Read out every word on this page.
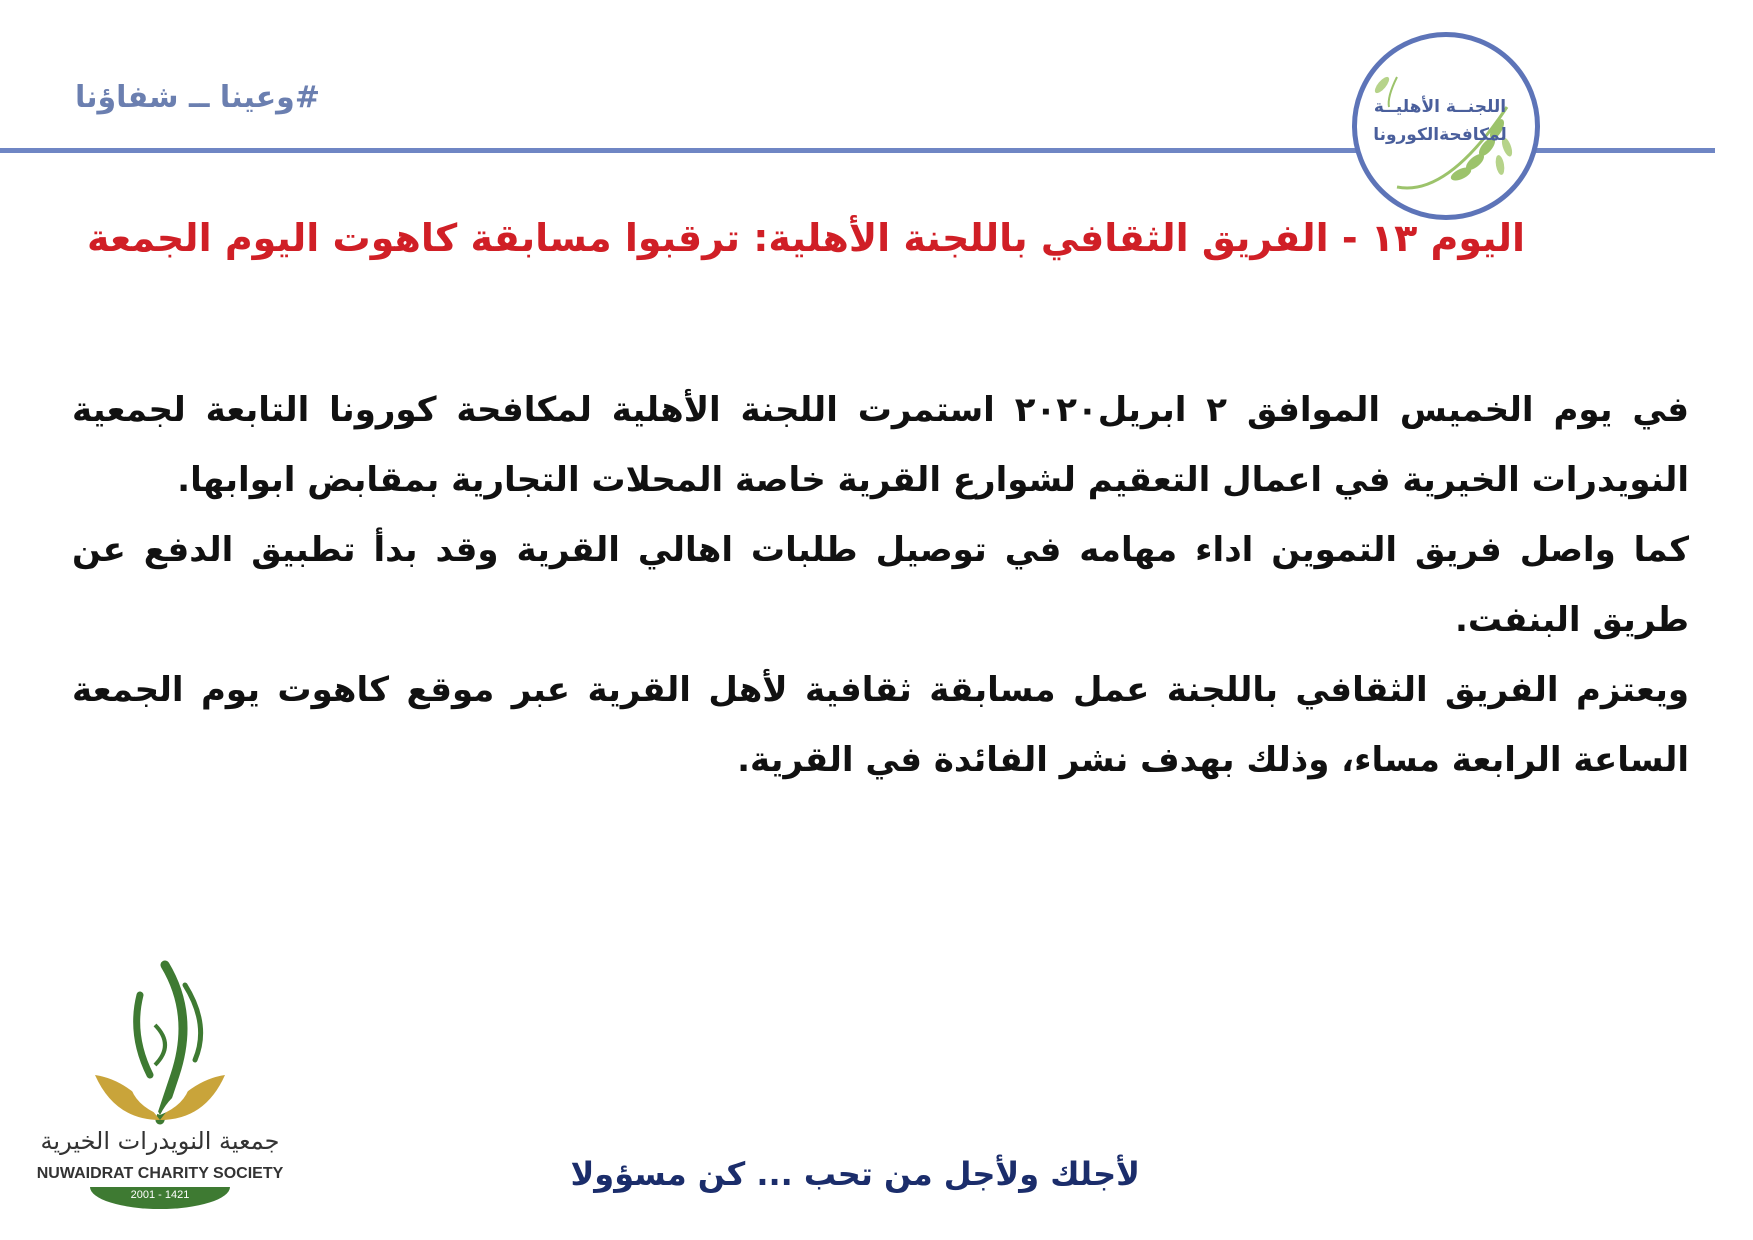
#وعينا ــ شفاؤنا	اللجنــة الأهليــة
لمكافحةالكورونا
اليوم ١٣ - الفريق الثقافي باللجنة الأهلية: ترقبوا مسابقة كاهوت اليوم الجمعة

في يوم الخميس الموافق ٢ ابريل٢٠٢٠ استمرت اللجنة الأهلية لمكافحة كورونا التابعة لجمعية النويدرات الخيرية في اعمال التعقيم لشوارع القرية خاصة المحلات التجارية بمقابض ابوابها.

كما واصل فريق التموين اداء مهامه في توصيل طلبات اهالي القرية وقد بدأ تطبيق الدفع عن طريق البنفت.

ويعتزم الفريق الثقافي باللجنة عمل مسابقة ثقافية لأهل القرية عبر موقع كاهوت يوم الجمعة الساعة الرابعة مساء، وذلك بهدف نشر الفائدة في القرية.

لأجلك ولأجل من تحب ... كن مسؤولا
جمعية النويدرات الخيرية
NUWAIDRAT CHARITY SOCIETY
2001 - 1421
